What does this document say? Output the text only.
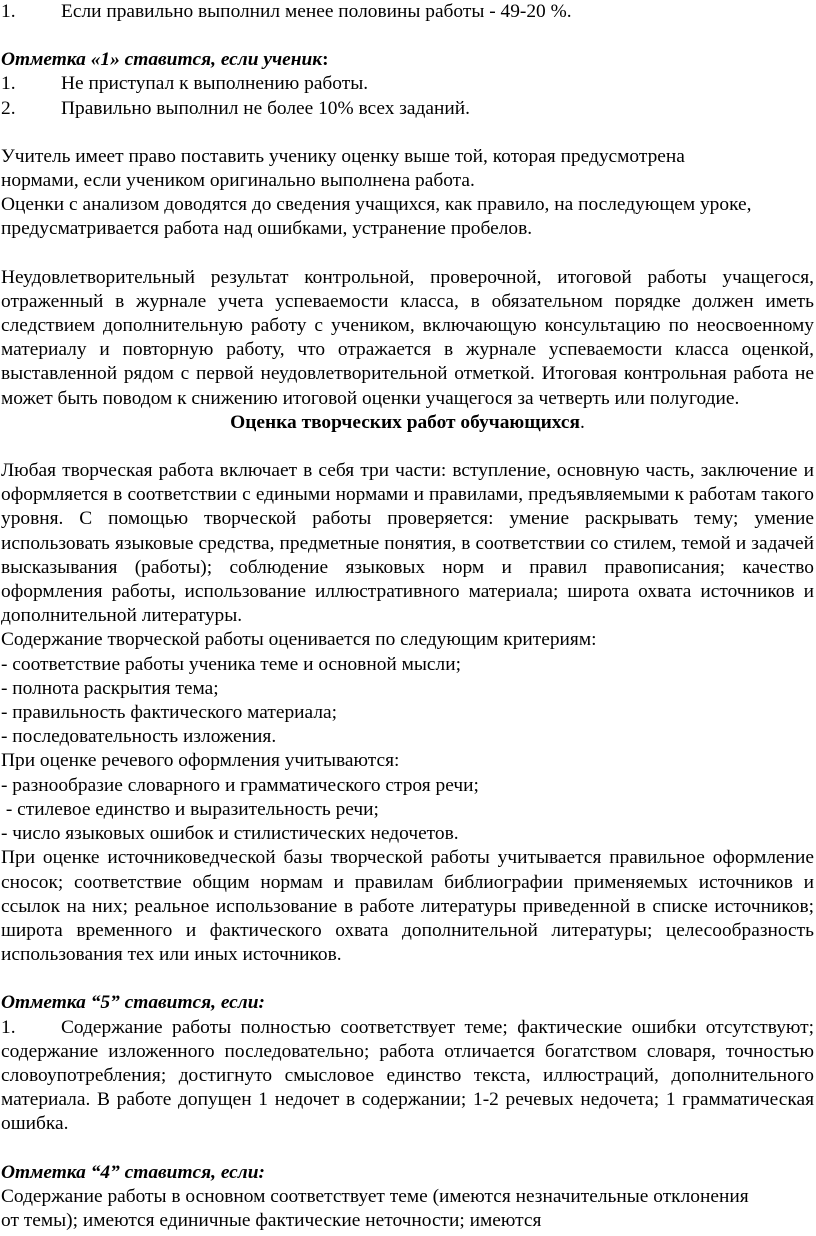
1. Если правильно выполнил менее половины работы - 49-20 %.

Отметка «1» ставится, если ученик:

1. Не приступал к выполнению работы.

2. Правильно выполнил не более 10% всех заданий.

Учитель имеет право поставить ученику оценку выше той, которая предусмотрена

нормами, если учеником оригинально выполнена работа.

Оценки с анализом доводятся до сведения учащихся, как правило, на последующем уроке,

предусматривается работа над ошибками, устранение пробелов.

Неудовлетворительный результат контрольной, проверочной, итоговой работы учащегося, отраженный в журнале учета успеваемости класса, в обязательном порядке должен иметь следствием дополнительную работу с учеником, включающую консультацию по неосвоенному материалу и повторную работу, что отражается в журнале успеваемости класса оценкой, выставленной рядом с первой неудовлетворительной отметкой. Итоговая контрольная работа не может быть поводом к снижению итоговой оценки учащегося за четверть или полугодие.

Оценка творческих работ обучающихся.

Любая творческая работа включает в себя три части: вступление, основную часть, заключение и оформляется в соответствии с едиными нормами и правилами, предъявляемыми к работам такого уровня. С помощью творческой работы проверяется: умение раскрывать тему; умение использовать языковые средства, предметные понятия, в соответствии со стилем, темой и задачей высказывания (работы); соблюдение языковых норм и правил правописания; качество оформления работы, использование иллюстративного материала; широта охвата источников и дополнительной литературы.

Содержание творческой работы оценивается по следующим критериям:

- соответствие работы ученика теме и основной мысли;

- полнота раскрытия тема;

- правильность фактического материала;

- последовательность изложения.

При оценке речевого оформления учитываются:

- разнообразие словарного и грамматического строя речи;

- стилевое единство и выразительность речи;

- число языковых ошибок и стилистических недочетов.

При оценке источниковедческой базы творческой работы учитывается правильное оформление сносок; соответствие общим нормам и правилам библиографии применяемых источников и ссылок на них; реальное использование в работе литературы приведенной в списке источников; широта временного и фактического охвата дополнительной литературы; целесообразность использования тех или иных источников.

Отметка “5” ставится, если:

1. Содержание работы полностью соответствует теме; фактические ошибки отсутствуют; содержание изложенного последовательно; работа отличается богатством словаря, точностью словоупотребления; достигнуто смысловое единство текста, иллюстраций, дополнительного материала. В работе допущен 1 недочет в содержании; 1-2 речевых недочета; 1 грамматическая ошибка.

Отметка “4” ставится, если:

Содержание работы в основном соответствует теме (имеются незначительные отклонения

от темы); имеются единичные фактические неточности; имеются
